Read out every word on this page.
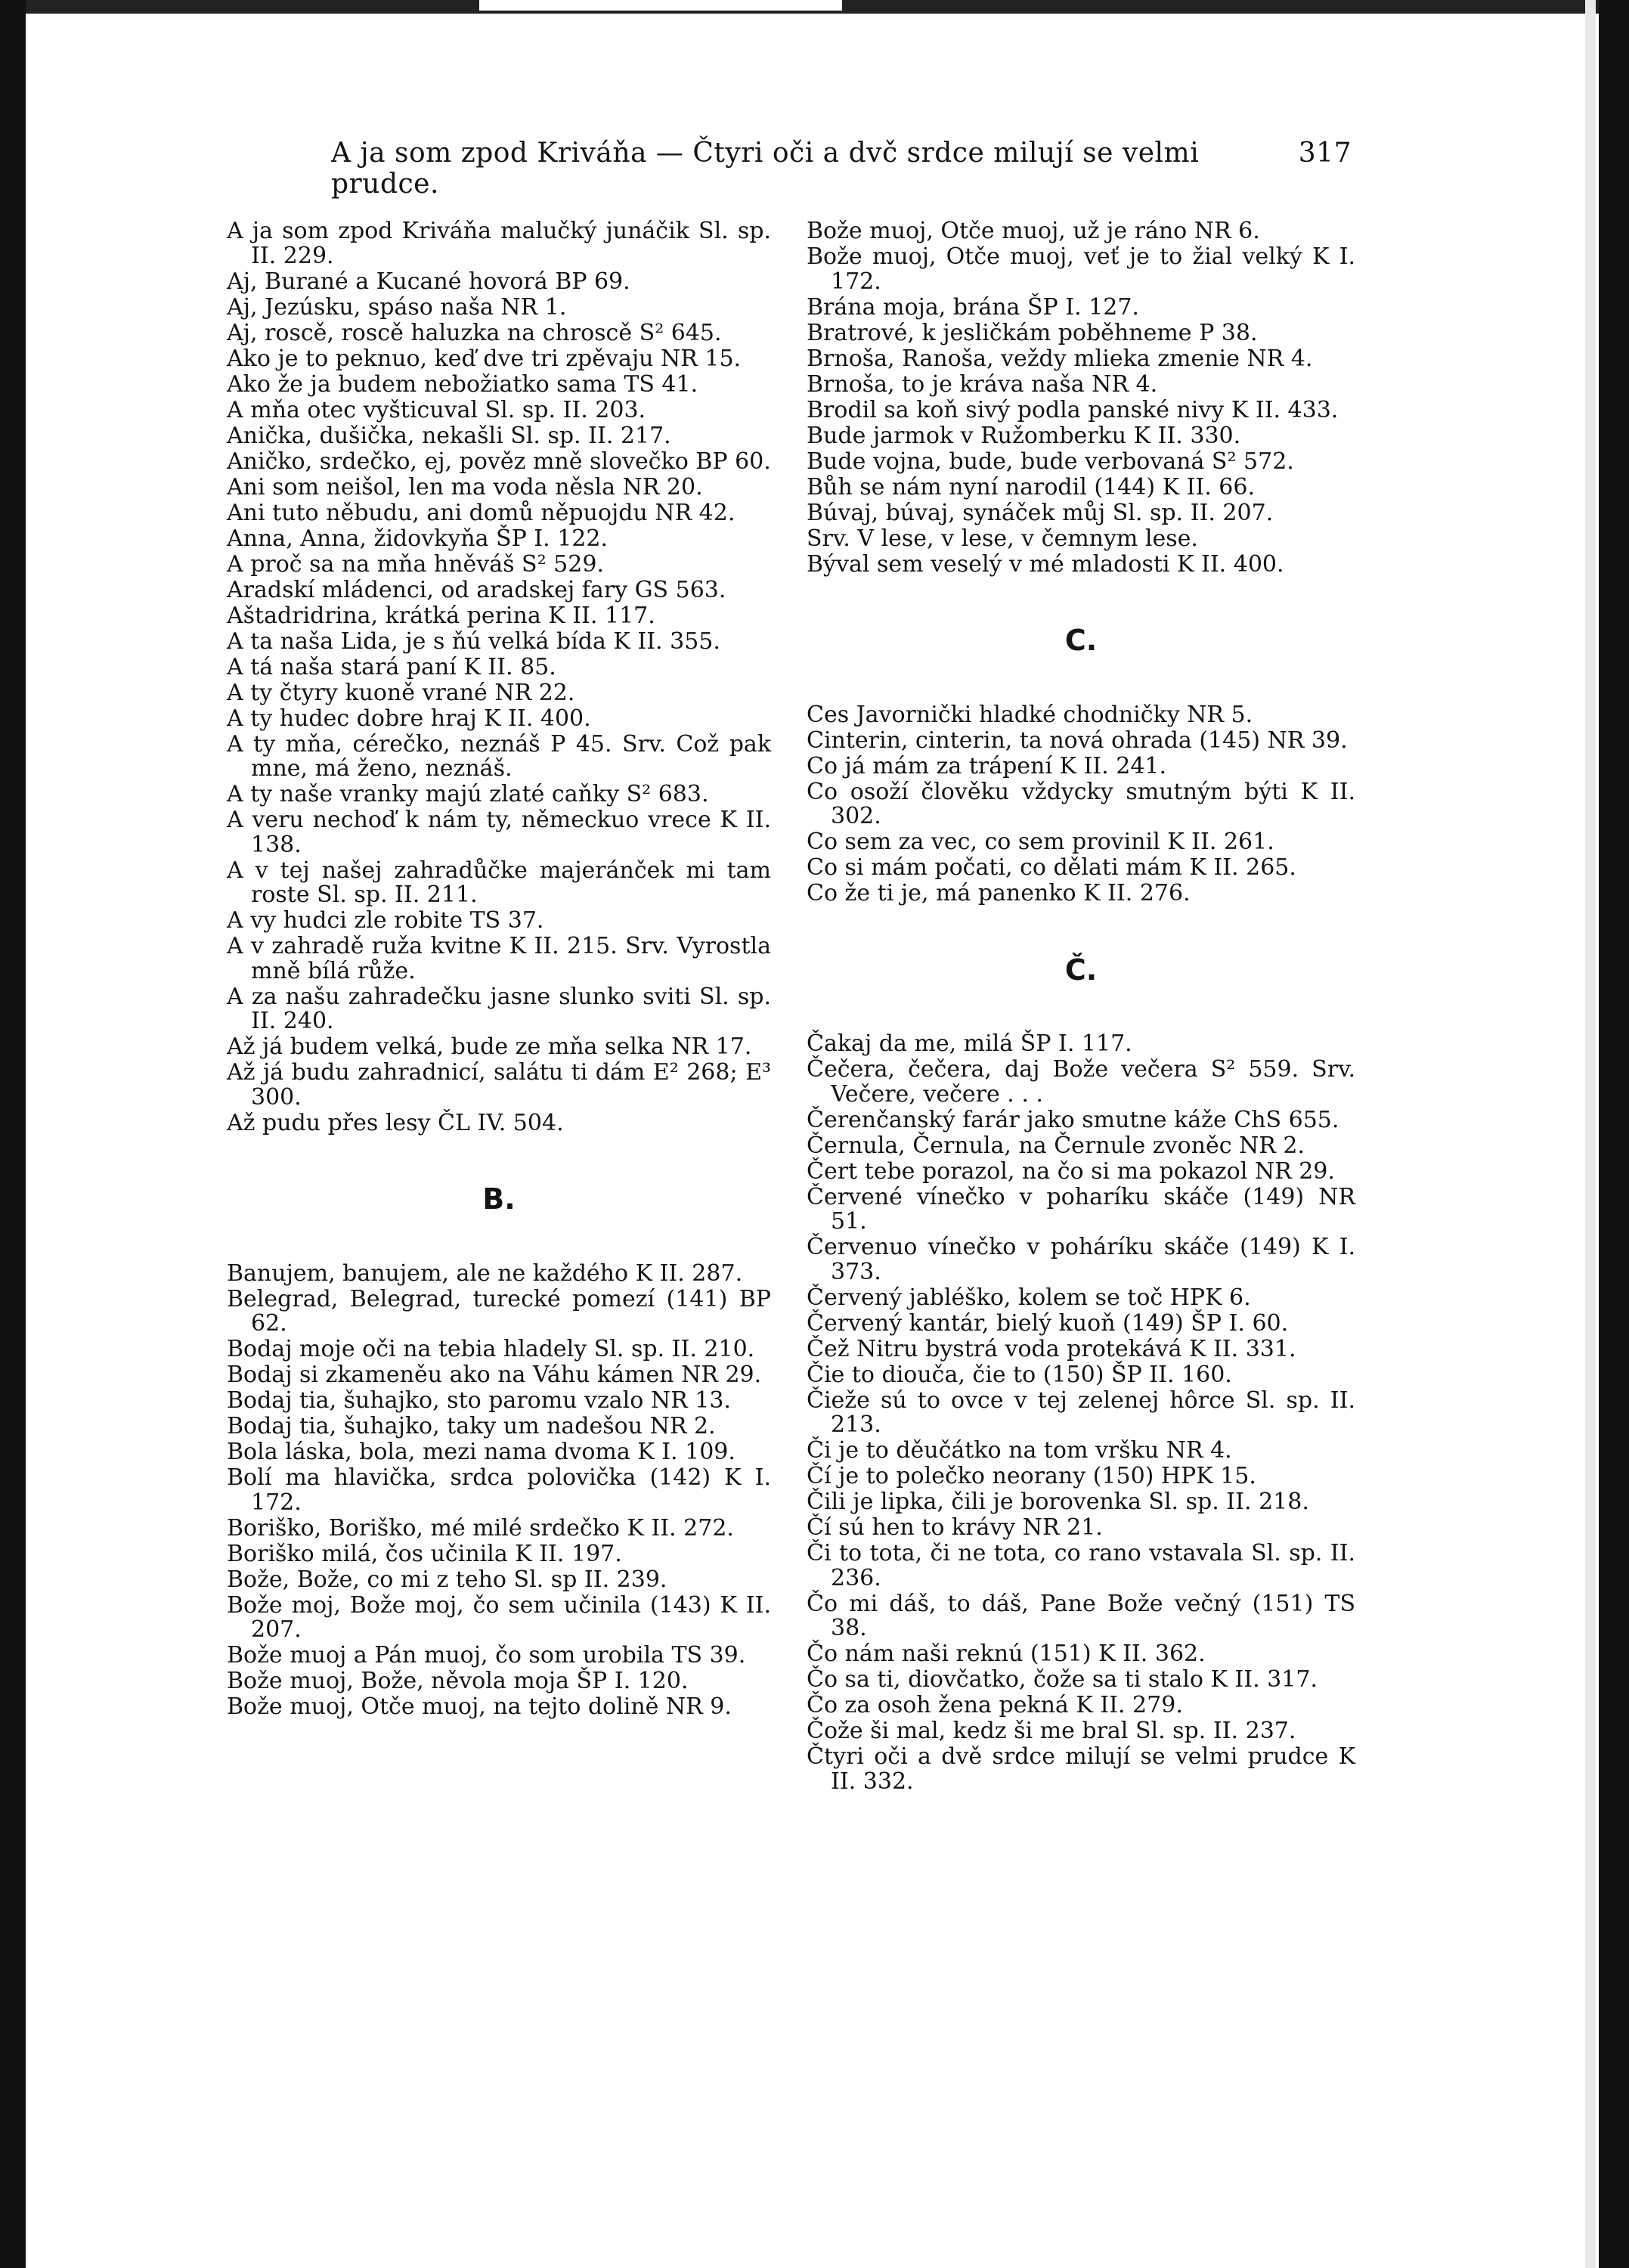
A ja som zpod Kriváňa — Čtyri oči a dvč srdce milují se velmi prudce.
317

A ja som zpod Kriváňa malučký junáčik Sl. sp. II. 229.

Aj, Burané a Kucané hovorá BP 69.

Aj, Jezúsku, spáso naša NR 1.

Aj, roscě, roscě haluzka na chroscě S² 645.

Ako je to peknuo, keď dve tri zpěvaju NR 15.

Ako že ja budem nebožiatko sama TS 41.

A mňa otec vyšticuval Sl. sp. II. 203.

Anička, dušička, nekašli Sl. sp. II. 217.

Aničko, srdečko, ej, pověz mně slovečko BP 60.

Ani som neišol, len ma voda něsla NR 20.

Ani tuto něbudu, ani domů něpuojdu NR 42.

Anna, Anna, židovkyňa ŠP I. 122.

A proč sa na mňa hněváš S² 529.

Aradskí mládenci, od aradskej fary GS 563.

Aštadridrina, krátká perina K II. 117.

A ta naša Lida, je s ňú velká bída K II. 355.

A tá naša stará paní K II. 85.

A ty čtyry kuoně vrané NR 22.

A ty hudec dobre hraj K II. 400.

A ty mňa, cérečko, neznáš P 45. Srv. Což pak mne, má ženo, neznáš.

A ty naše vranky majú zlaté caňky S² 683.

A veru nechoď k nám ty, německuo vrece K II. 138.

A v tej našej zahradůčke majeránček mi tam roste Sl. sp. II. 211.

A vy hudci zle robite TS 37.

A v zahradě ruža kvitne K II. 215. Srv. Vyrostla mně bílá růže.

A za našu zahradečku jasne slunko sviti Sl. sp. II. 240.

Až já budem velká, bude ze mňa selka NR 17.

Až já budu zahradnicí, salátu ti dám E² 268; E³ 300.

Až pudu přes lesy ČL IV. 504.

B.

Banujem, banujem, ale ne každého K II. 287.

Belegrad, Belegrad, turecké pomezí (141) BP 62.

Bodaj moje oči na tebia hladely Sl. sp. II. 210.

Bodaj si zkameněu ako na Váhu kámen NR 29.

Bodaj tia, šuhajko, sto paromu vzalo NR 13.

Bodaj tia, šuhajko, taky um nadešou NR 2.

Bola láska, bola, mezi nama dvoma K I. 109.

Bolí ma hlavička, srdca polovička (142) K I. 172.

Boriško, Boriško, mé milé srdečko K II. 272.

Boriško milá, čos učinila K II. 197.

Bože, Bože, co mi z teho Sl. sp II. 239.

Bože moj, Bože moj, čo sem učinila (143) K II. 207.

Bože muoj a Pán muoj, čo som urobila TS 39.

Bože muoj, Bože, něvola moja ŠP I. 120.

Bože muoj, Otče muoj, na tejto dolině NR 9.

Bože muoj, Otče muoj, už je ráno NR 6.

Bože muoj, Otče muoj, veť je to žial velký K I. 172.

Brána moja, brána ŠP I. 127.

Bratrové, k jesličkám poběhneme P 38.

Brnoša, Ranoša, veždy mlieka zmenie NR 4.

Brnoša, to je kráva naša NR 4.

Brodil sa koň sivý podla panské nivy K II. 433.

Bude jarmok v Ružomberku K II. 330.

Bude vojna, bude, bude verbovaná S² 572.

Bůh se nám nyní narodil (144) K II. 66.

Búvaj, búvaj, synáček můj Sl. sp. II. 207.

Srv. V lese, v lese, v čemnym lese.

Býval sem veselý v mé mladosti K II. 400.

C.

Ces Javornički hladké chodničky NR 5.

Cinterin, cinterin, ta nová ohrada (145) NR 39.

Co já mám za trápení K II. 241.

Co osoží člověku vždycky smutným býti K II. 302.

Co sem za vec, co sem provinil K II. 261.

Co si mám počati, co dělati mám K II. 265.

Co že ti je, má panenko K II. 276.

Č.

Čakaj da me, milá ŠP I. 117.

Čečera, čečera, daj Bože večera S² 559. Srv. Večere, večere . . .

Čerenčanský farár jako smutne káže ChS 655.

Černula, Černula, na Černule zvoněc NR 2.

Čert tebe porazol, na čo si ma pokazol NR 29.

Červené vínečko v poharíku skáče (149) NR 51.

Červenuo vínečko v poháríku skáče (149) K I. 373.

Červený jabléško, kolem se toč HPK 6.

Červený kantár, bielý kuoň (149) ŠP I. 60.

Čež Nitru bystrá voda protekává K II. 331.

Čie to diouča, čie to (150) ŠP II. 160.

Čieže sú to ovce v tej zelenej hôrce Sl. sp. II. 213.

Či je to děučátko na tom vršku NR 4.

Čí je to polečko neorany (150) HPK 15.

Čili je lipka, čili je borovenka Sl. sp. II. 218.

Čí sú hen to krávy NR 21.

Či to tota, či ne tota, co rano vstavala Sl. sp. II. 236.

Čo mi dáš, to dáš, Pane Bože večný (151) TS 38.

Čo nám naši reknú (151) K II. 362.

Čo sa ti, diovčatko, čože sa ti stalo K II. 317.

Čo za osoh žena pekná K II. 279.

Čože ši mal, kedz ši me bral Sl. sp. II. 237.

Čtyri oči a dvě srdce milují se velmi prudce K II. 332.
